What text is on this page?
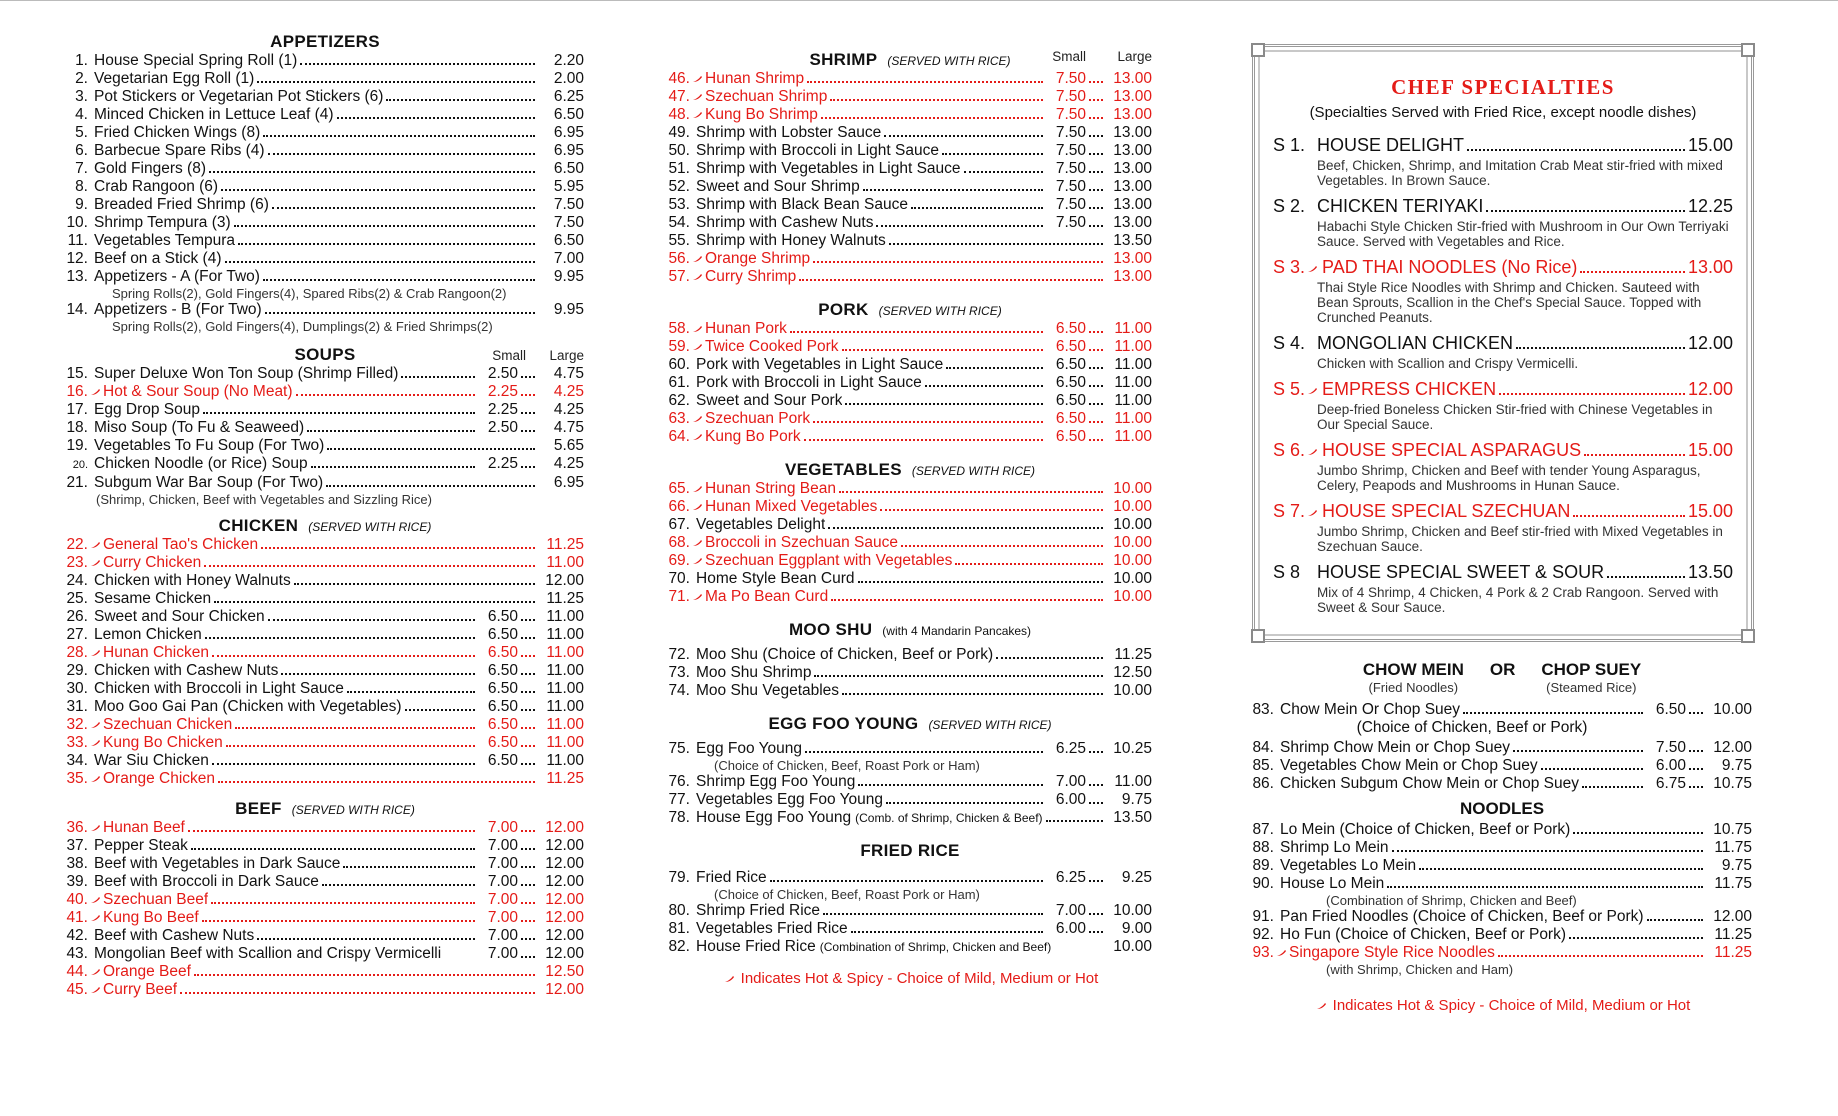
APPETIZERS
1. House Special Spring Roll (1)	2.20
2. Vegetarian Egg Roll (1)	2.00
3. Pot Stickers or Vegetarian Pot Stickers (6)	6.25
4. Minced Chicken in Lettuce Leaf (4)	6.50
5. Fried Chicken Wings (8)	6.95
6. Barbecue Spare Ribs (4)	6.95
7. Gold Fingers (8)	6.50
8. Crab Rangoon (6)	5.95
9. Breaded Fried Shrimp (6)	7.50
10. Shrimp Tempura (3)	7.50
11. Vegetables Tempura	6.50
12. Beef on a Stick (4)	7.00
13. Appetizers - A (For Two)	9.95
Spring Rolls(2), Gold Fingers(4), Spared Ribs(2) & Crab Rangoon(2)
14. Appetizers - B (For Two)	9.95
Spring Rolls(2), Gold Fingers(4), Dumplings(2) & Fried Shrimps(2)
SOUPS	Small Large
15. Super Deluxe Won Ton Soup (Shrimp Filled)	2.50	4.75
16. Hot & Sour Soup (No Meat)	2.25	4.25
17. Egg Drop Soup	2.25	4.25
18. Miso Soup (To Fu & Seaweed)	2.50	4.75
19. Vegetables To Fu Soup (For Two)	5.65
20. Chicken Noodle (or Rice) Soup	2.25	4.25
21. Subgum War Bar Soup (For Two)	6.95
(Shrimp, Chicken, Beef with Vegetables and Sizzling Rice)
CHICKEN (SERVED WITH RICE)
22. General Tao's Chicken	11.25
23. Curry Chicken	11.00
24. Chicken with Honey Walnuts	12.00
25. Sesame Chicken	11.25
26. Sweet and Sour Chicken	6.50	11.00
27. Lemon Chicken	6.50	11.00
28. Hunan Chicken	6.50	11.00
29. Chicken with Cashew Nuts	6.50	11.00
30. Chicken with Broccoli in Light Sauce	6.50	11.00
31. Moo Goo Gai Pan (Chicken with Vegetables)	6.50	11.00
32. Szechuan Chicken	6.50	11.00
33. Kung Bo Chicken	6.50	11.00
34. War Siu Chicken	6.50	11.00
35. Orange Chicken	11.25
BEEF (SERVED WITH RICE)
36. Hunan Beef	7.00	12.00
37. Pepper Steak	7.00	12.00
38. Beef with Vegetables in Dark Sauce	7.00	12.00
39. Beef with Broccoli in Dark Sauce	7.00	12.00
40. Szechuan Beef	7.00	12.00
41. Kung Bo Beef	7.00	12.00
42. Beef with Cashew Nuts	7.00	12.00
43. Mongolian Beef with Scallion and Crispy Vermicelli	7.00	12.00
44. Orange Beef	12.50
45. Curry Beef	12.00
SHRIMP (SERVED WITH RICE)	Small Large
46. Hunan Shrimp	7.50	13.00
47. Szechuan Shrimp	7.50	13.00
48. Kung Bo Shrimp	7.50	13.00
49. Shrimp with Lobster Sauce	7.50	13.00
50. Shrimp with Broccoli in Light Sauce	7.50	13.00
51. Shrimp with Vegetables in Light Sauce	7.50	13.00
52. Sweet and Sour Shrimp	7.50	13.00
53. Shrimp with Black Bean Sauce	7.50	13.00
54. Shrimp with Cashew Nuts	7.50	13.00
55. Shrimp with Honey Walnuts	13.50
56. Orange Shrimp	13.00
57. Curry Shrimp	13.00
PORK (SERVED WITH RICE)
58. Hunan Pork	6.50	11.00
59. Twice Cooked Pork	6.50	11.00
60. Pork with Vegetables in Light Sauce	6.50	11.00
61. Pork with Broccoli in Light Sauce	6.50	11.00
62. Sweet and Sour Pork	6.50	11.00
63. Szechuan Pork	6.50	11.00
64. Kung Bo Pork	6.50	11.00
VEGETABLES (SERVED WITH RICE)
65. Hunan String Bean	10.00
66. Hunan Mixed Vegetables	10.00
67. Vegetables Delight	10.00
68. Broccoli in Szechuan Sauce	10.00
69. Szechuan Eggplant with Vegetables	10.00
70. Home Style Bean Curd	10.00
71. Ma Po Bean Curd	10.00
MOO SHU (with 4 Mandarin Pancakes)
72. Moo Shu (Choice of Chicken, Beef or Pork)	11.25
73. Moo Shu Shrimp	12.50
74. Moo Shu Vegetables	10.00
EGG FOO YOUNG (SERVED WITH RICE)
75. Egg Foo Young	6.25	10.25
(Choice of Chicken, Beef, Roast Pork or Ham)
76. Shrimp Egg Foo Young	7.00	11.00
77. Vegetables Egg Foo Young	6.00	9.75
78. House Egg Foo Young (Comb. of Shrimp, Chicken & Beef)	13.50
FRIED RICE
79. Fried Rice	6.25	9.25
(Choice of Chicken, Beef, Roast Pork or Ham)
80. Shrimp Fried Rice	7.00	10.00
81. Vegetables Fried Rice	6.00	9.00
82. House Fried Rice (Combination of Shrimp, Chicken and Beef)	10.00
Indicates Hot & Spicy - Choice of Mild, Medium or Hot
CHEF SPECIALTIES
(Specialties Served with Fried Rice, except noodle dishes)
S 1. HOUSE DELIGHT	15.00
Beef, Chicken, Shrimp, and Imitation Crab Meat stir-fried with mixed Vegetables. In Brown Sauce.
S 2. CHICKEN TERIYAKI	12.25
Habachi Style Chicken Stir-fried with Mushroom in Our Own Terriyaki Sauce. Served with Vegetables and Rice.
S 3. PAD THAI NOODLES (No Rice)	13.00
Thai Style Rice Noodles with Shrimp and Chicken. Sauteed with Bean Sprouts, Scallion in the Chef's Special Sauce. Topped with Crunched Peanuts.
S 4. MONGOLIAN CHICKEN	12.00
Chicken with Scallion and Crispy Vermicelli.
S 5. EMPRESS CHICKEN	12.00
Deep-fried Boneless Chicken Stir-fried with Chinese Vegetables in Our Special Sauce.
S 6. HOUSE SPECIAL ASPARAGUS	15.00
Jumbo Shrimp, Chicken and Beef with tender Young Asparagus, Celery, Peapods and Mushrooms in Hunan Sauce.
S 7. HOUSE SPECIAL SZECHUAN	15.00
Jumbo Shrimp, Chicken and Beef stir-fried with Mixed Vegetables in Szechuan Sauce.
S 8 HOUSE SPECIAL SWEET & SOUR	13.50
Mix of 4 Shrimp, 4 Chicken, 4 Pork & 2 Crab Rangoon. Served with Sweet & Sour Sauce.
CHOW MEIN
(Fried Noodles)
OR CHOP SUEY
(Steamed Rice)
83. Chow Mein Or Chop Suey	6.50	10.00
(Choice of Chicken, Beef or Pork)
84. Shrimp Chow Mein or Chop Suey	7.50	12.00
85. Vegetables Chow Mein or Chop Suey	6.00	9.75
86. Chicken Subgum Chow Mein or Chop Suey	6.75	10.75
NOODLES
87. Lo Mein (Choice of Chicken, Beef or Pork)	10.75
88. Shrimp Lo Mein	11.75
89. Vegetables Lo Mein	9.75
90. House Lo Mein	11.75
(Combination of Shrimp, Chicken and Beef)
91. Pan Fried Noodles (Choice of Chicken, Beef or Pork)	12.00
92. Ho Fun (Choice of Chicken, Beef or Pork)	11.25
93. Singapore Style Rice Noodles	11.25
(with Shrimp, Chicken and Ham)
Indicates Hot & Spicy - Choice of Mild, Medium or Hot
